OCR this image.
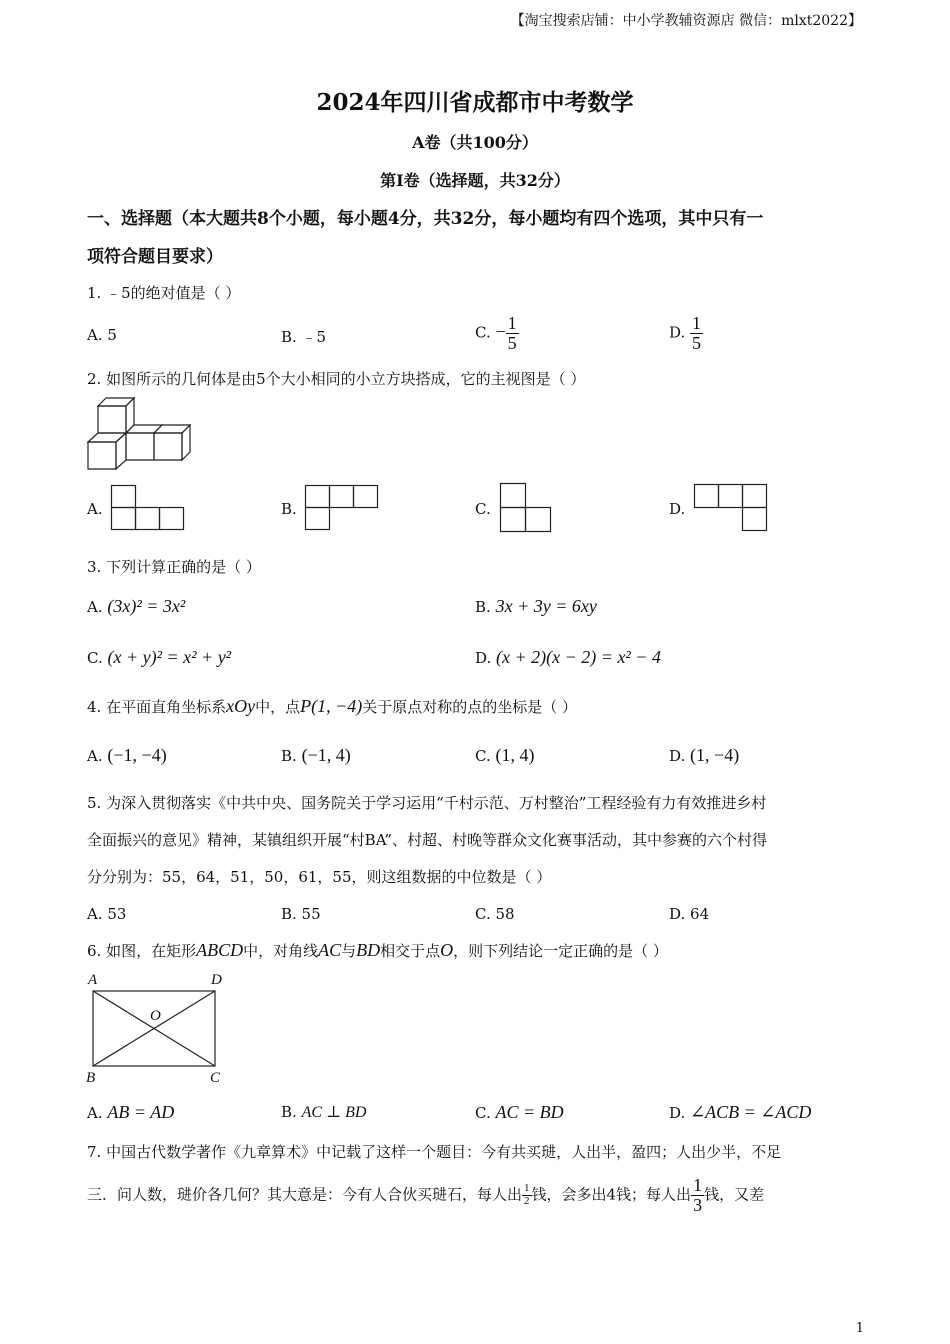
【淘宝搜索店铺：中小学教辅资源店 微信：mlxt2022】
2024年四川省成都市中考数学
A卷（共100分）
第I卷（选择题，共32分）
一、选择题（本大题共8个小题，每小题4分，共32分，每小题均有四个选项，其中只有一
项符合题目要求）
1. ﹣5的绝对值是（ ）
A. 5	B. ﹣5	C. − $\frac{1}{5}$	D. $\frac{1}{5}$
2. 如图所示的几何体是由5个大小相同的小立方块搭成，它的主视图是（ ）
A.	B.	C.	D.
3. 下列计算正确的是（ ）
A. (3x)² = 3x²	B. 3x + 3y = 6xy
C. (x + y)² = x² + y²	D. (x + 2)(x − 2) = x² − 4
4. 在平面直角坐标系xOy中，点P(1, −4)关于原点对称的点的坐标是（ ）
A. (−1, −4)	B. (−1, 4)	C. (1, 4)	D. (1, −4)
5. 为深入贯彻落实《中共中央、国务院关于学习运用“千村示范、万村整治”工程经验有力有效推进乡村
全面振兴的意见》精神，某镇组织开展“村BA”、村超、村晚等群众文化赛事活动，其中参赛的六个村得
分分别为：55，64，51，50，61，55，则这组数据的中位数是（ ）
A. 53	B. 55	C. 58	D. 64
6. 如图，在矩形ABCD中，对角线AC与BD相交于点O，则下列结论一定正确的是（ ）
A	D
O
B	C
A. AB = AD	B. AC ⊥ BD	C. AC = BD	D. ∠ACB = ∠ACD
7. 中国古代数学著作《九章算术》中记载了这样一个题目：今有共买琎，人出半，盈四；人出少半，不足
三．问人数，琎价各几何？其大意是：今有人合伙买琎石，每人出 $\frac{1}{2}$ 钱，会多出4钱；每人出 $\frac{1}{3}$ 钱，又差
1
